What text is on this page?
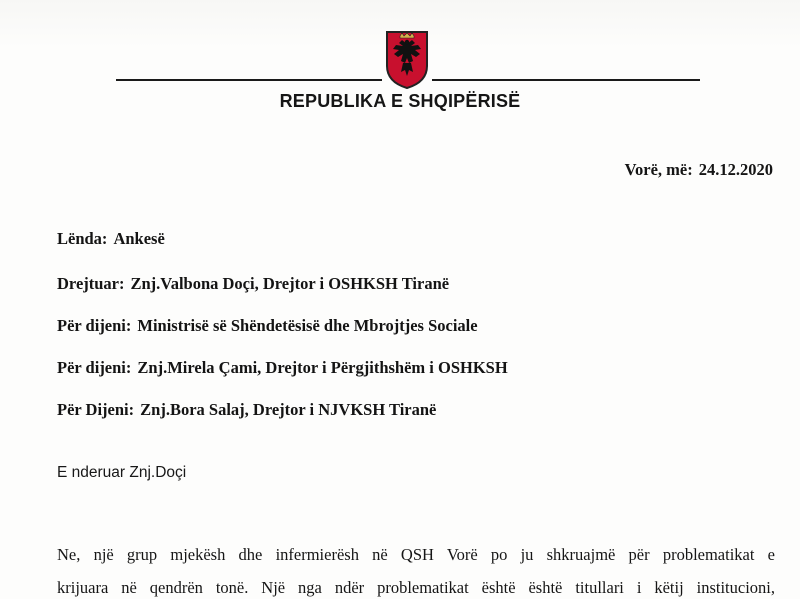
REPUBLIKA E SHQIPËRISË
Vorë, më: 24.12.2020
Lënda: Ankesë
Drejtuar: Znj.Valbona Doçi, Drejtor i OSHKSH Tiranë
Për dijeni: Ministrisë së Shëndetësisë dhe Mbrojtjes Sociale
Për dijeni: Znj.Mirela Çami, Drejtor i Përgjithshëm i OSHKSH
Për Dijeni: Znj.Bora Salaj, Drejtor i NJVKSH Tiranë
E nderuar Znj.Doçi
Ne, një grup mjekësh dhe infermierësh në QSH Vorë po ju shkruajmë për problematikat e
krijuara në qendrën tonë. Një nga ndër problematikat është është titullari i këtij institucioni,
